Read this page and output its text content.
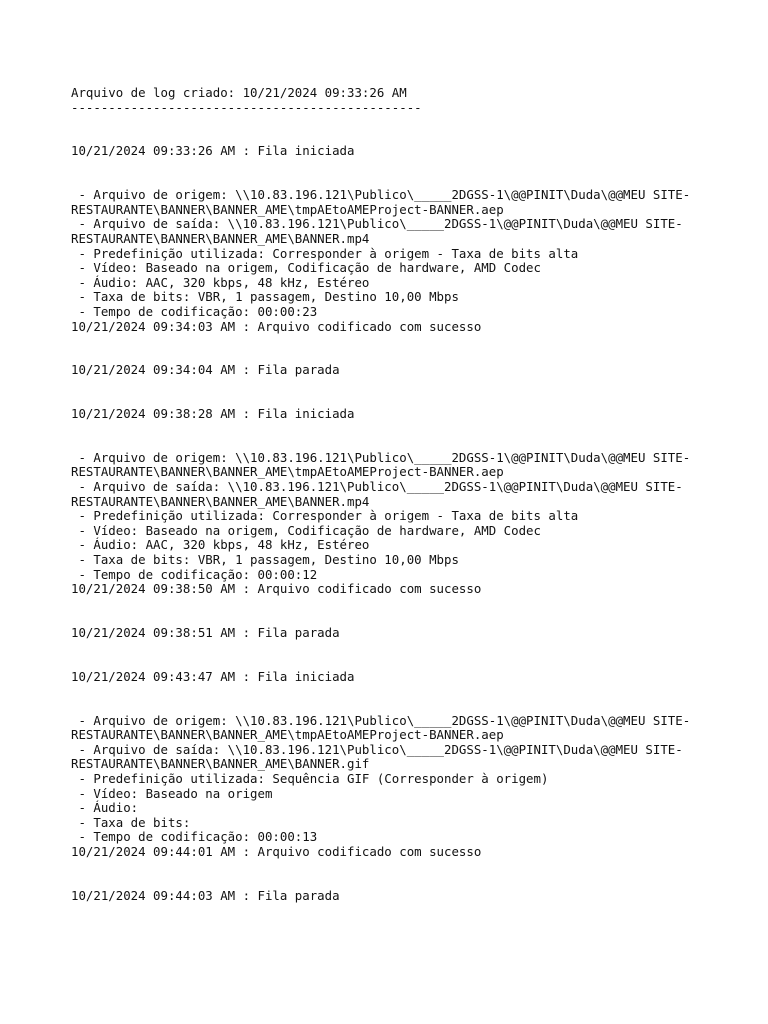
Arquivo de log criado: 10/21/2024 09:33:26 AM
-----------------------------------------------
10/21/2024 09:33:26 AM : Fila iniciada
- Arquivo de origem: \\10.83.196.121\Publico\_____2DGSS-1\@@PINIT\Duda\@@MEU SITE-
RESTAURANTE\BANNER\BANNER_AME\tmpAEtoAMEProject-BANNER.aep
- Arquivo de saída: \\10.83.196.121\Publico\_____2DGSS-1\@@PINIT\Duda\@@MEU SITE-
RESTAURANTE\BANNER\BANNER_AME\BANNER.mp4
- Predefinição utilizada: Corresponder à origem - Taxa de bits alta
- Vídeo: Baseado na origem, Codificação de hardware, AMD Codec
- Áudio: AAC, 320 kbps, 48 kHz, Estéreo
- Taxa de bits: VBR, 1 passagem, Destino 10,00 Mbps
- Tempo de codificação: 00:00:23
10/21/2024 09:34:03 AM : Arquivo codificado com sucesso
10/21/2024 09:34:04 AM : Fila parada
10/21/2024 09:38:28 AM : Fila iniciada
- Arquivo de origem: \\10.83.196.121\Publico\_____2DGSS-1\@@PINIT\Duda\@@MEU SITE-
RESTAURANTE\BANNER\BANNER_AME\tmpAEtoAMEProject-BANNER.aep
- Arquivo de saída: \\10.83.196.121\Publico\_____2DGSS-1\@@PINIT\Duda\@@MEU SITE-
RESTAURANTE\BANNER\BANNER_AME\BANNER.mp4
- Predefinição utilizada: Corresponder à origem - Taxa de bits alta
- Vídeo: Baseado na origem, Codificação de hardware, AMD Codec
- Áudio: AAC, 320 kbps, 48 kHz, Estéreo
- Taxa de bits: VBR, 1 passagem, Destino 10,00 Mbps
- Tempo de codificação: 00:00:12
10/21/2024 09:38:50 AM : Arquivo codificado com sucesso
10/21/2024 09:38:51 AM : Fila parada
10/21/2024 09:43:47 AM : Fila iniciada
- Arquivo de origem: \\10.83.196.121\Publico\_____2DGSS-1\@@PINIT\Duda\@@MEU SITE-
RESTAURANTE\BANNER\BANNER_AME\tmpAEtoAMEProject-BANNER.aep
- Arquivo de saída: \\10.83.196.121\Publico\_____2DGSS-1\@@PINIT\Duda\@@MEU SITE-
RESTAURANTE\BANNER\BANNER_AME\BANNER.gif
- Predefinição utilizada: Sequência GIF (Corresponder à origem)
- Vídeo: Baseado na origem
- Áudio:
- Taxa de bits:
- Tempo de codificação: 00:00:13
10/21/2024 09:44:01 AM : Arquivo codificado com sucesso
10/21/2024 09:44:03 AM : Fila parada
